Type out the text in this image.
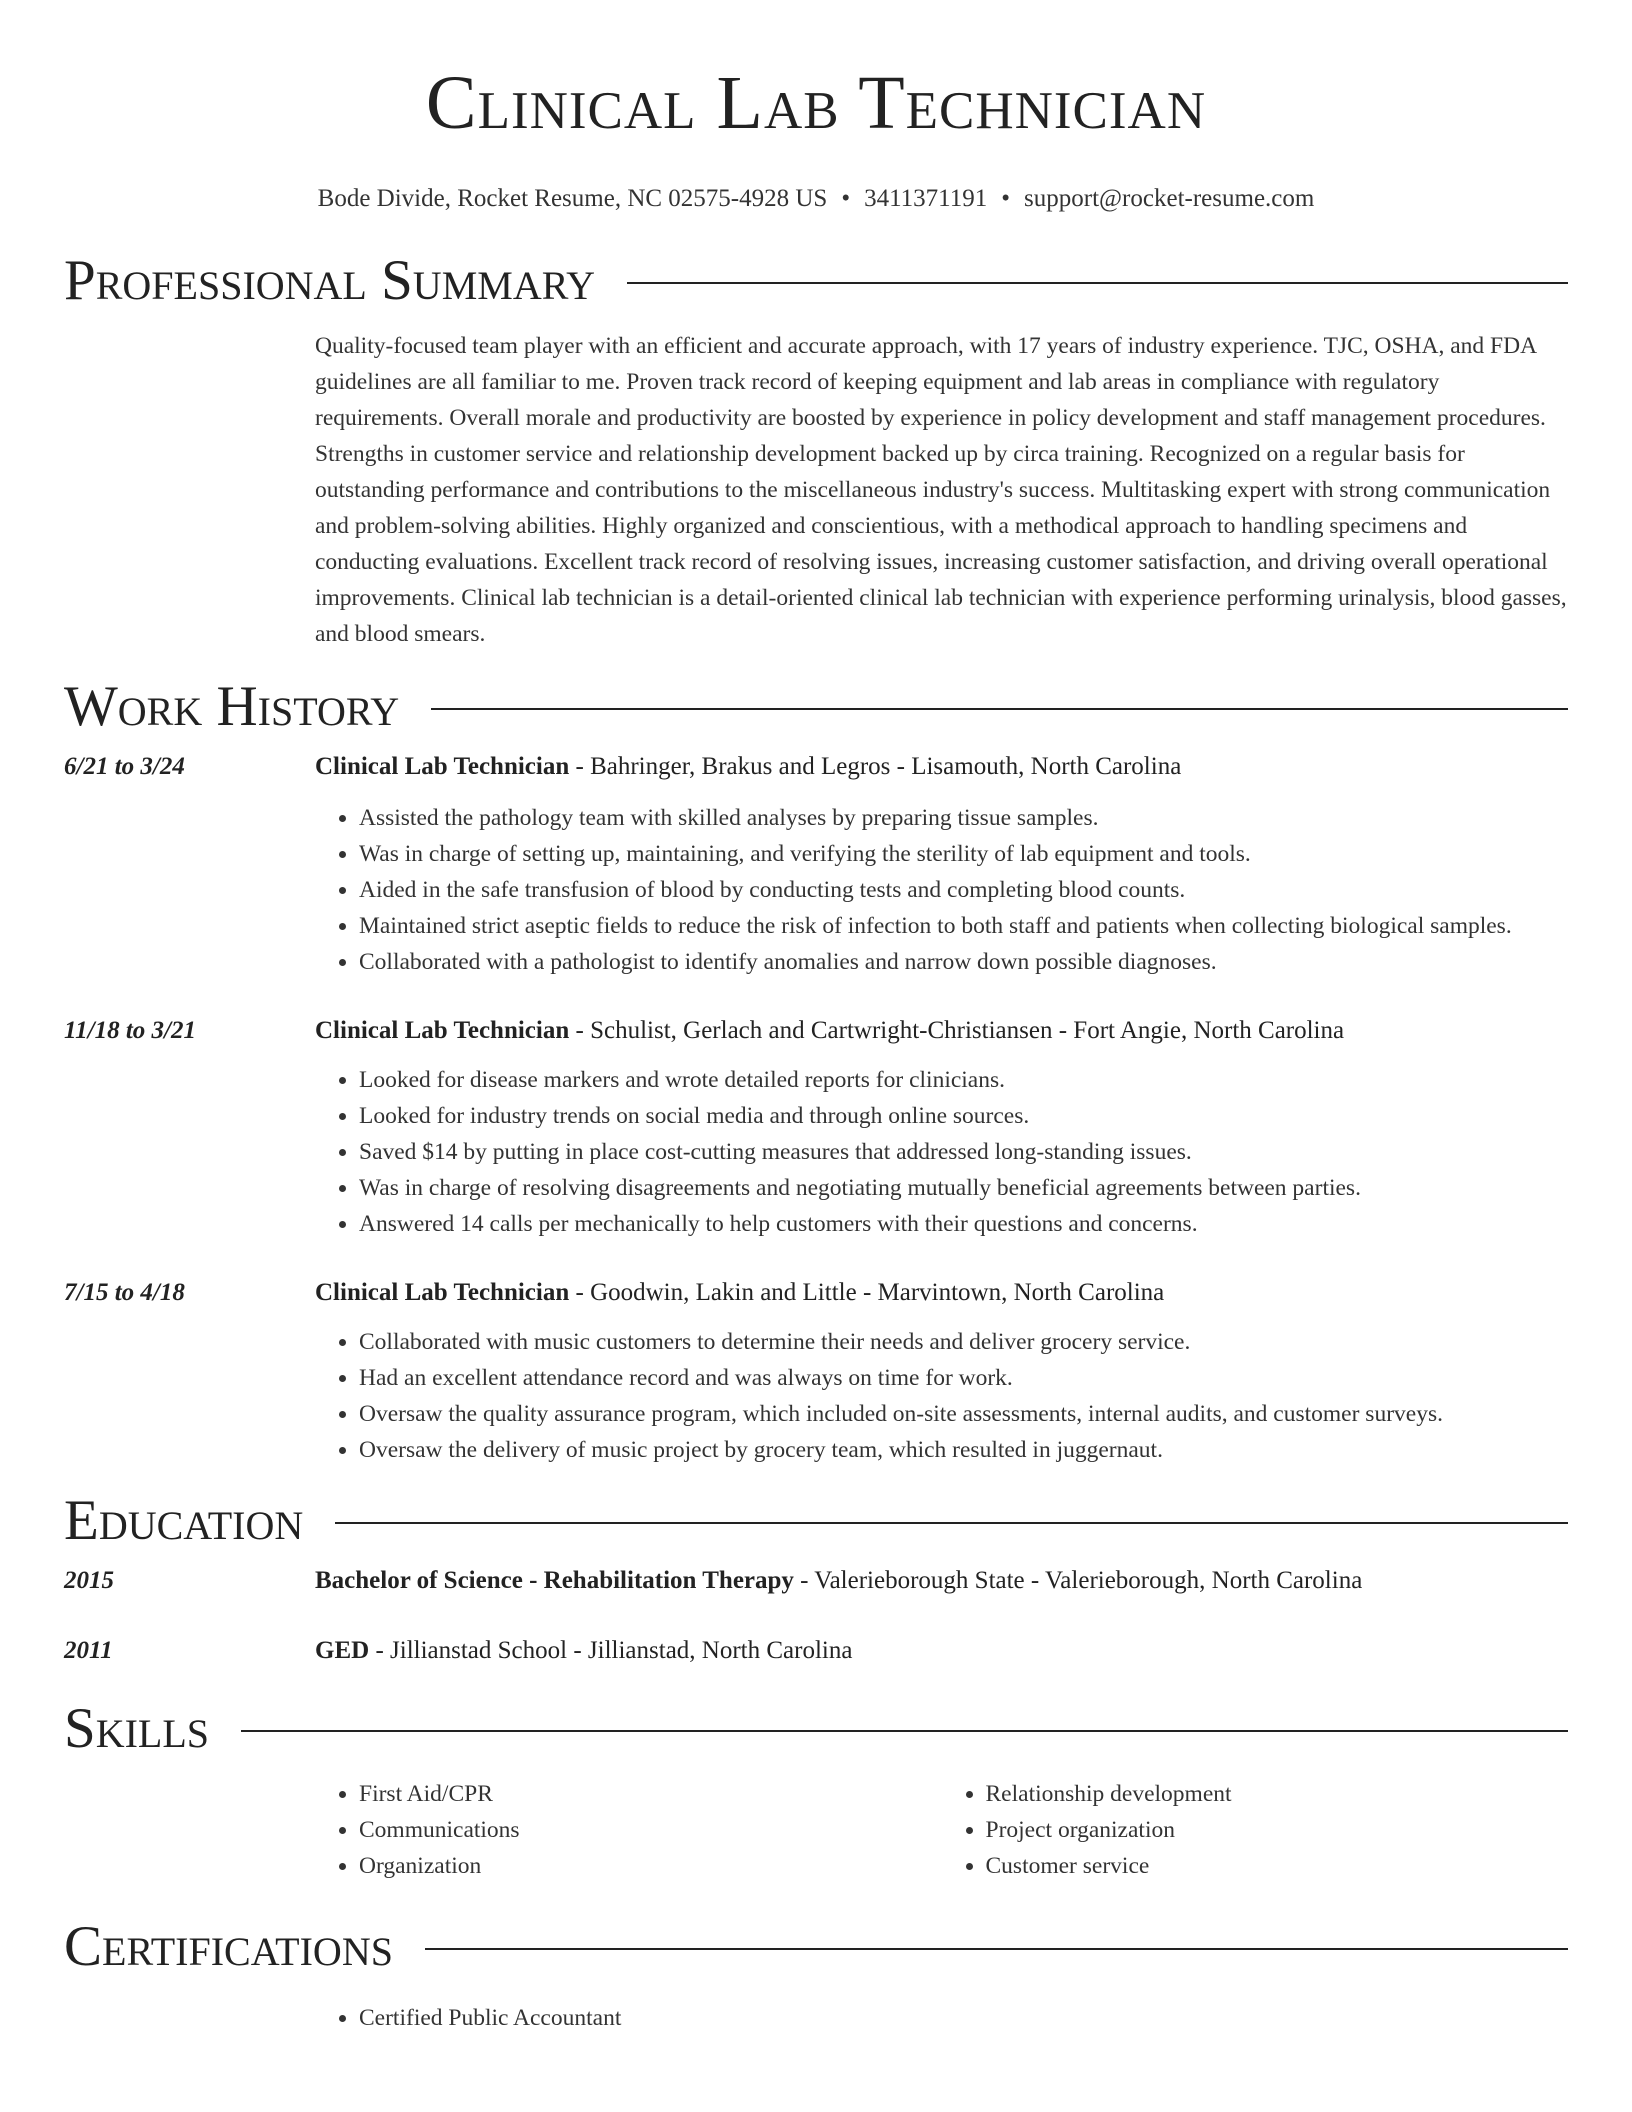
Clinical Lab Technician
Bode Divide, Rocket Resume, NC 02575-4928 US • 3411371191 • support@rocket-resume.com
Professional Summary
Quality-focused team player with an efficient and accurate approach, with 17 years of industry experience. TJC, OSHA, and FDA guidelines are all familiar to me. Proven track record of keeping equipment and lab areas in compliance with regulatory requirements. Overall morale and productivity are boosted by experience in policy development and staff management procedures. Strengths in customer service and relationship development backed up by circa training. Recognized on a regular basis for outstanding performance and contributions to the miscellaneous industry's success. Multitasking expert with strong communication and problem-solving abilities. Highly organized and conscientious, with a methodical approach to handling specimens and conducting evaluations. Excellent track record of resolving issues, increasing customer satisfaction, and driving overall operational improvements. Clinical lab technician is a detail-oriented clinical lab technician with experience performing urinalysis, blood gasses, and blood smears.
Work History
6/21 to 3/24	Clinical Lab Technician - Bahringer, Brakus and Legros - Lisamouth, North Carolina
• Assisted the pathology team with skilled analyses by preparing tissue samples.
• Was in charge of setting up, maintaining, and verifying the sterility of lab equipment and tools.
• Aided in the safe transfusion of blood by conducting tests and completing blood counts.
• Maintained strict aseptic fields to reduce the risk of infection to both staff and patients when collecting biological samples.
• Collaborated with a pathologist to identify anomalies and narrow down possible diagnoses.
11/18 to 3/21	Clinical Lab Technician - Schulist, Gerlach and Cartwright-Christiansen - Fort Angie, North Carolina
• Looked for disease markers and wrote detailed reports for clinicians.
• Looked for industry trends on social media and through online sources.
• Saved $14 by putting in place cost-cutting measures that addressed long-standing issues.
• Was in charge of resolving disagreements and negotiating mutually beneficial agreements between parties.
• Answered 14 calls per mechanically to help customers with their questions and concerns.
7/15 to 4/18	Clinical Lab Technician - Goodwin, Lakin and Little - Marvintown, North Carolina
• Collaborated with music customers to determine their needs and deliver grocery service.
• Had an excellent attendance record and was always on time for work.
• Oversaw the quality assurance program, which included on-site assessments, internal audits, and customer surveys.
• Oversaw the delivery of music project by grocery team, which resulted in juggernaut.
Education
2015	Bachelor of Science - Rehabilitation Therapy - Valerieborough State - Valerieborough, North Carolina
2011	GED - Jillianstad School - Jillianstad, North Carolina
Skills
• First Aid/CPR
• Communications
• Organization
• Relationship development
• Project organization
• Customer service
Certifications
• Certified Public Accountant
